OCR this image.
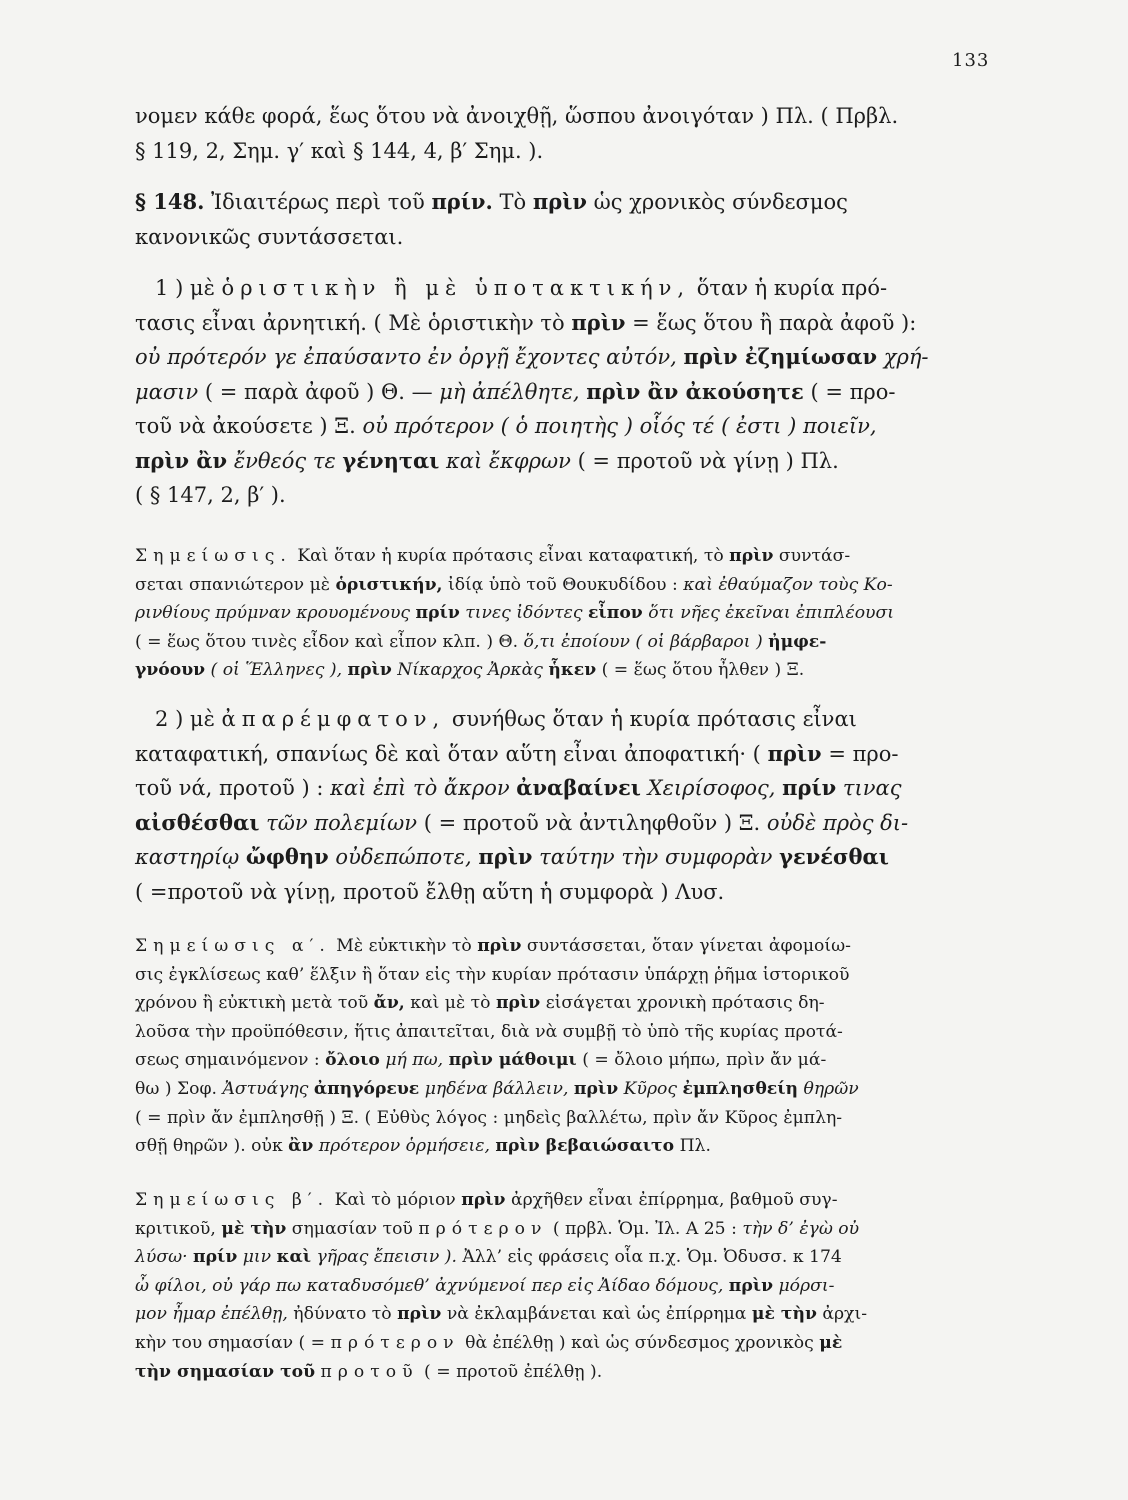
133
νομεν κάθε φορά, ἕως ὅτου νὰ ἀνοιχθῇ, ὥσπου ἀνοιγόταν ) Πλ. ( Πρβλ.
§ 119, 2, Σημ. γ′ καὶ § 144, 4, β′ Σημ. ).
§ 148. Ἰδιαιτέρως περὶ τοῦ πρίν. Τὸ πρὶν ὡς χρονικὸς σύνδεσμος
κανονικῶς συντάσσεται.
1 ) μὲ ὁριστικὴν ἢ μὲ ὑποτακτικήν, ὅταν ἡ κυρία πρό-
τασις εἶναι ἀρνητική. ( Μὲ ὁριστικὴν τὸ πρὶν = ἕως ὅτου ἢ παρὰ ἀφοῦ ):
οὐ πρότερόν γε ἐπαύσαντο ἐν ὀργῇ ἔχοντες αὐτόν, πρὶν ἐζημίωσαν χρή-
μασιν ( = παρὰ ἀφοῦ ) Θ. — μὴ ἀπέλθητε, πρὶν ἂν ἀκούσητε ( = προ-
τοῦ νὰ ἀκούσετε ) Ξ. οὐ πρότερον ( ὁ ποιητὴς ) οἷός τέ ( ἐστι ) ποιεῖν,
πρὶν ἂν ἔνθεός τε γένηται καὶ ἔκφρων ( = προτοῦ νὰ γίνῃ ) Πλ.
( § 147, 2, β′ ).
Σημείωσις. Καὶ ὅταν ἡ κυρία πρότασις εἶναι καταφατική, τὸ πρὶν συντάσ-
σεται σπανιώτερον μὲ ὁριστικήν, ἰδίᾳ ὑπὸ τοῦ Θουκυδίδου : καὶ ἐθαύμαζον τοὺς Κο-
ρινθίους πρύμναν κρουομένους πρίν τινες ἰδόντες εἶπον ὅτι νῆες ἐκεῖναι ἐπιπλέουσι
( = ἕως ὅτου τινὲς εἶδον καὶ εἶπον κλπ. ) Θ. ὅ,τι ἐποίουν ( οἱ βάρβαροι ) ἠμφε-
γνόουν ( οἱ Ἕλληνες ), πρὶν Νίκαρχος Ἀρκὰς ἧκεν ( = ἕως ὅτου ἦλθεν ) Ξ.
2 ) μὲ ἀπαρέμφατον, συνήθως ὅταν ἡ κυρία πρότασις εἶναι
καταφατική, σπανίως δὲ καὶ ὅταν αὕτη εἶναι ἀποφατική· ( πρὶν = προ-
τοῦ νά, προτοῦ ) : καὶ ἐπὶ τὸ ἄκρον ἀναβαίνει Χειρίσοφος, πρίν τινας
αἰσθέσθαι τῶν πολεμίων ( = προτοῦ νὰ ἀντιληφθοῦν ) Ξ. οὐδὲ πρὸς δι-
καστηρίῳ ὤφθην οὐδεπώποτε, πρὶν ταύτην τὴν συμφορὰν γενέσθαι
( =προτοῦ νὰ γίνῃ, προτοῦ ἔλθῃ αὕτη ἡ συμφορὰ ) Λυσ.
Σημείωσις α′. Μὲ εὐκτικὴν τὸ πρὶν συντάσσεται, ὅταν γίνεται ἀφομοίω-
σις ἐγκλίσεως καθ’ ἕλξιν ἢ ὅταν εἰς τὴν κυρίαν πρότασιν ὑπάρχῃ ῥῆμα ἱστορικοῦ
χρόνου ἢ εὐκτικὴ μετὰ τοῦ ἄν, καὶ μὲ τὸ πρὶν εἰσάγεται χρονικὴ πρότασις δη-
λοῦσα τὴν προϋπόθεσιν, ἥτις ἀπαιτεῖται, διὰ νὰ συμβῇ τὸ ὑπὸ τῆς κυρίας προτά-
σεως σημαινόμενον : ὄλοιο μή πω, πρὶν μάθοιμι ( = ὄλοιο μήπω, πρὶν ἄν μά-
θω ) Σοφ. Ἀστυάγης ἀπηγόρευε μηδένα βάλλειν, πρὶν Κῦρος ἐμπλησθείη θηρῶν
( = πρὶν ἄν ἐμπλησθῇ ) Ξ. ( Εὐθὺς λόγος : μηδεὶς βαλλέτω, πρὶν ἄν Κῦρος ἐμπλη-
σθῇ θηρῶν ). οὐκ ἂν πρότερον ὁρμήσειε, πρὶν βεβαιώσαιτο Πλ.
Σημείωσις β′. Καὶ τὸ μόριον πρὶν ἀρχῆθεν εἶναι ἐπίρρημα, βαθμοῦ συγ-
κριτικοῦ, μὲ τὴν σημασίαν τοῦ πρότερον ( πρβλ. Ὁμ. Ἰλ. Α 25 : τὴν δ’ ἐγὼ οὐ
λύσω· πρίν μιν καὶ γῆρας ἔπεισιν ). Ἀλλ’ εἰς φράσεις οἷα π.χ. Ὁμ. Ὀδυσσ. κ 174
ὦ φίλοι, οὐ γάρ πω καταδυσόμεθ’ ἀχνύμενοί περ εἰς Ἀίδαο δόμους, πρὶν μόρσι-
μον ἦμαρ ἐπέλθῃ, ἠδύνατο τὸ πρὶν νὰ ἐκλαμβάνεται καὶ ὡς ἐπίρρημα μὲ τὴν ἀρχι-
κὴν του σημασίαν ( = πρότερον θὰ ἐπέλθῃ ) καὶ ὡς σύνδεσμος χρονικὸς μὲ
τὴν σημασίαν τοῦ προτοῦ ( = προτοῦ ἐπέλθῃ ).
